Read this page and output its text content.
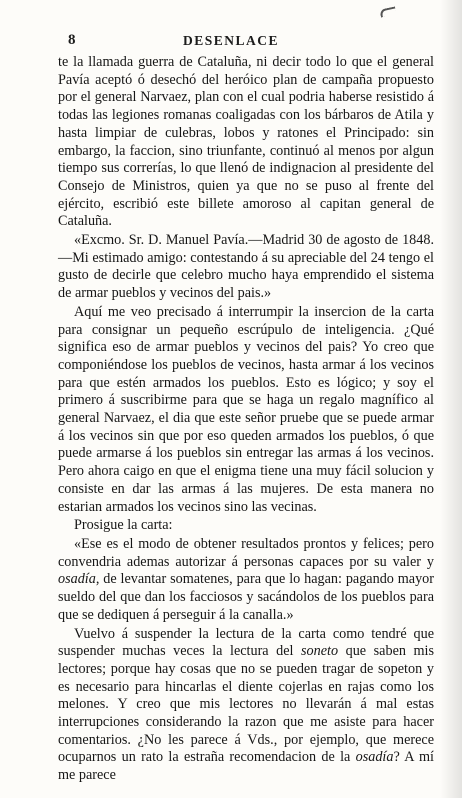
8	DESENLACE

te la llamada guerra de Cataluña, ni decir todo lo que el general Pavía aceptó ó desechó del heróico plan de campaña propuesto por el general Narvaez, plan con el cual podria haberse resistido á todas las legiones romanas coaligadas con los bárbaros de Atila y hasta limpiar de culebras, lobos y ratones el Principado: sin embargo, la faccion, sino triunfante, continuó al menos por algun tiempo sus correrías, lo que llenó de indignacion al presidente del Consejo de Ministros, quien ya que no se puso al frente del ejército, escribió este billete amoroso al capitan general de Cataluña.

«Excmo. Sr. D. Manuel Pavía.—Madrid 30 de agosto de 1848. —Mi estimado amigo: contestando á su apreciable del 24 tengo el gusto de decirle que celebro mucho haya emprendido el sistema de armar pueblos y vecinos del pais.»

Aquí me veo precisado á interrumpir la insercion de la carta para consignar un pequeño escrúpulo de inteligencia. ¿Qué significa eso de armar pueblos y vecinos del pais? Yo creo que componiéndose los pueblos de vecinos, hasta armar á los vecinos para que estén armados los pueblos. Esto es lógico; y soy el primero á suscribirme para que se haga un regalo magnífico al general Narvaez, el dia que este señor pruebe que se puede armar á los vecinos sin que por eso queden armados los pueblos, ó que puede armarse á los pueblos sin entregar las armas á los vecinos. Pero ahora caigo en que el enigma tiene una muy fácil solucion y consiste en dar las armas á las mujeres. De esta manera no estarian armados los vecinos sino las vecinas.

Prosigue la carta:

«Ese es el modo de obtener resultados prontos y felices; pero convendria ademas autorizar á personas capaces por su valer y osadía, de levantar somatenes, para que lo hagan: pagando mayor sueldo del que dan los facciosos y sacándolos de los pueblos para que se dediquen á perseguir á la canalla.»

Vuelvo á suspender la lectura de la carta como tendré que suspender muchas veces la lectura del soneto que saben mis lectores; porque hay cosas que no se pueden tragar de sopeton y es necesario para hincarlas el diente cojerlas en rajas como los melones. Y creo que mis lectores no llevarán á mal estas interrupciones considerando la razon que me asiste para hacer comentarios. ¿No les parece á Vds., por ejemplo, que merece ocuparnos un rato la estraña recomendacion de la osadía? A mí me parece
